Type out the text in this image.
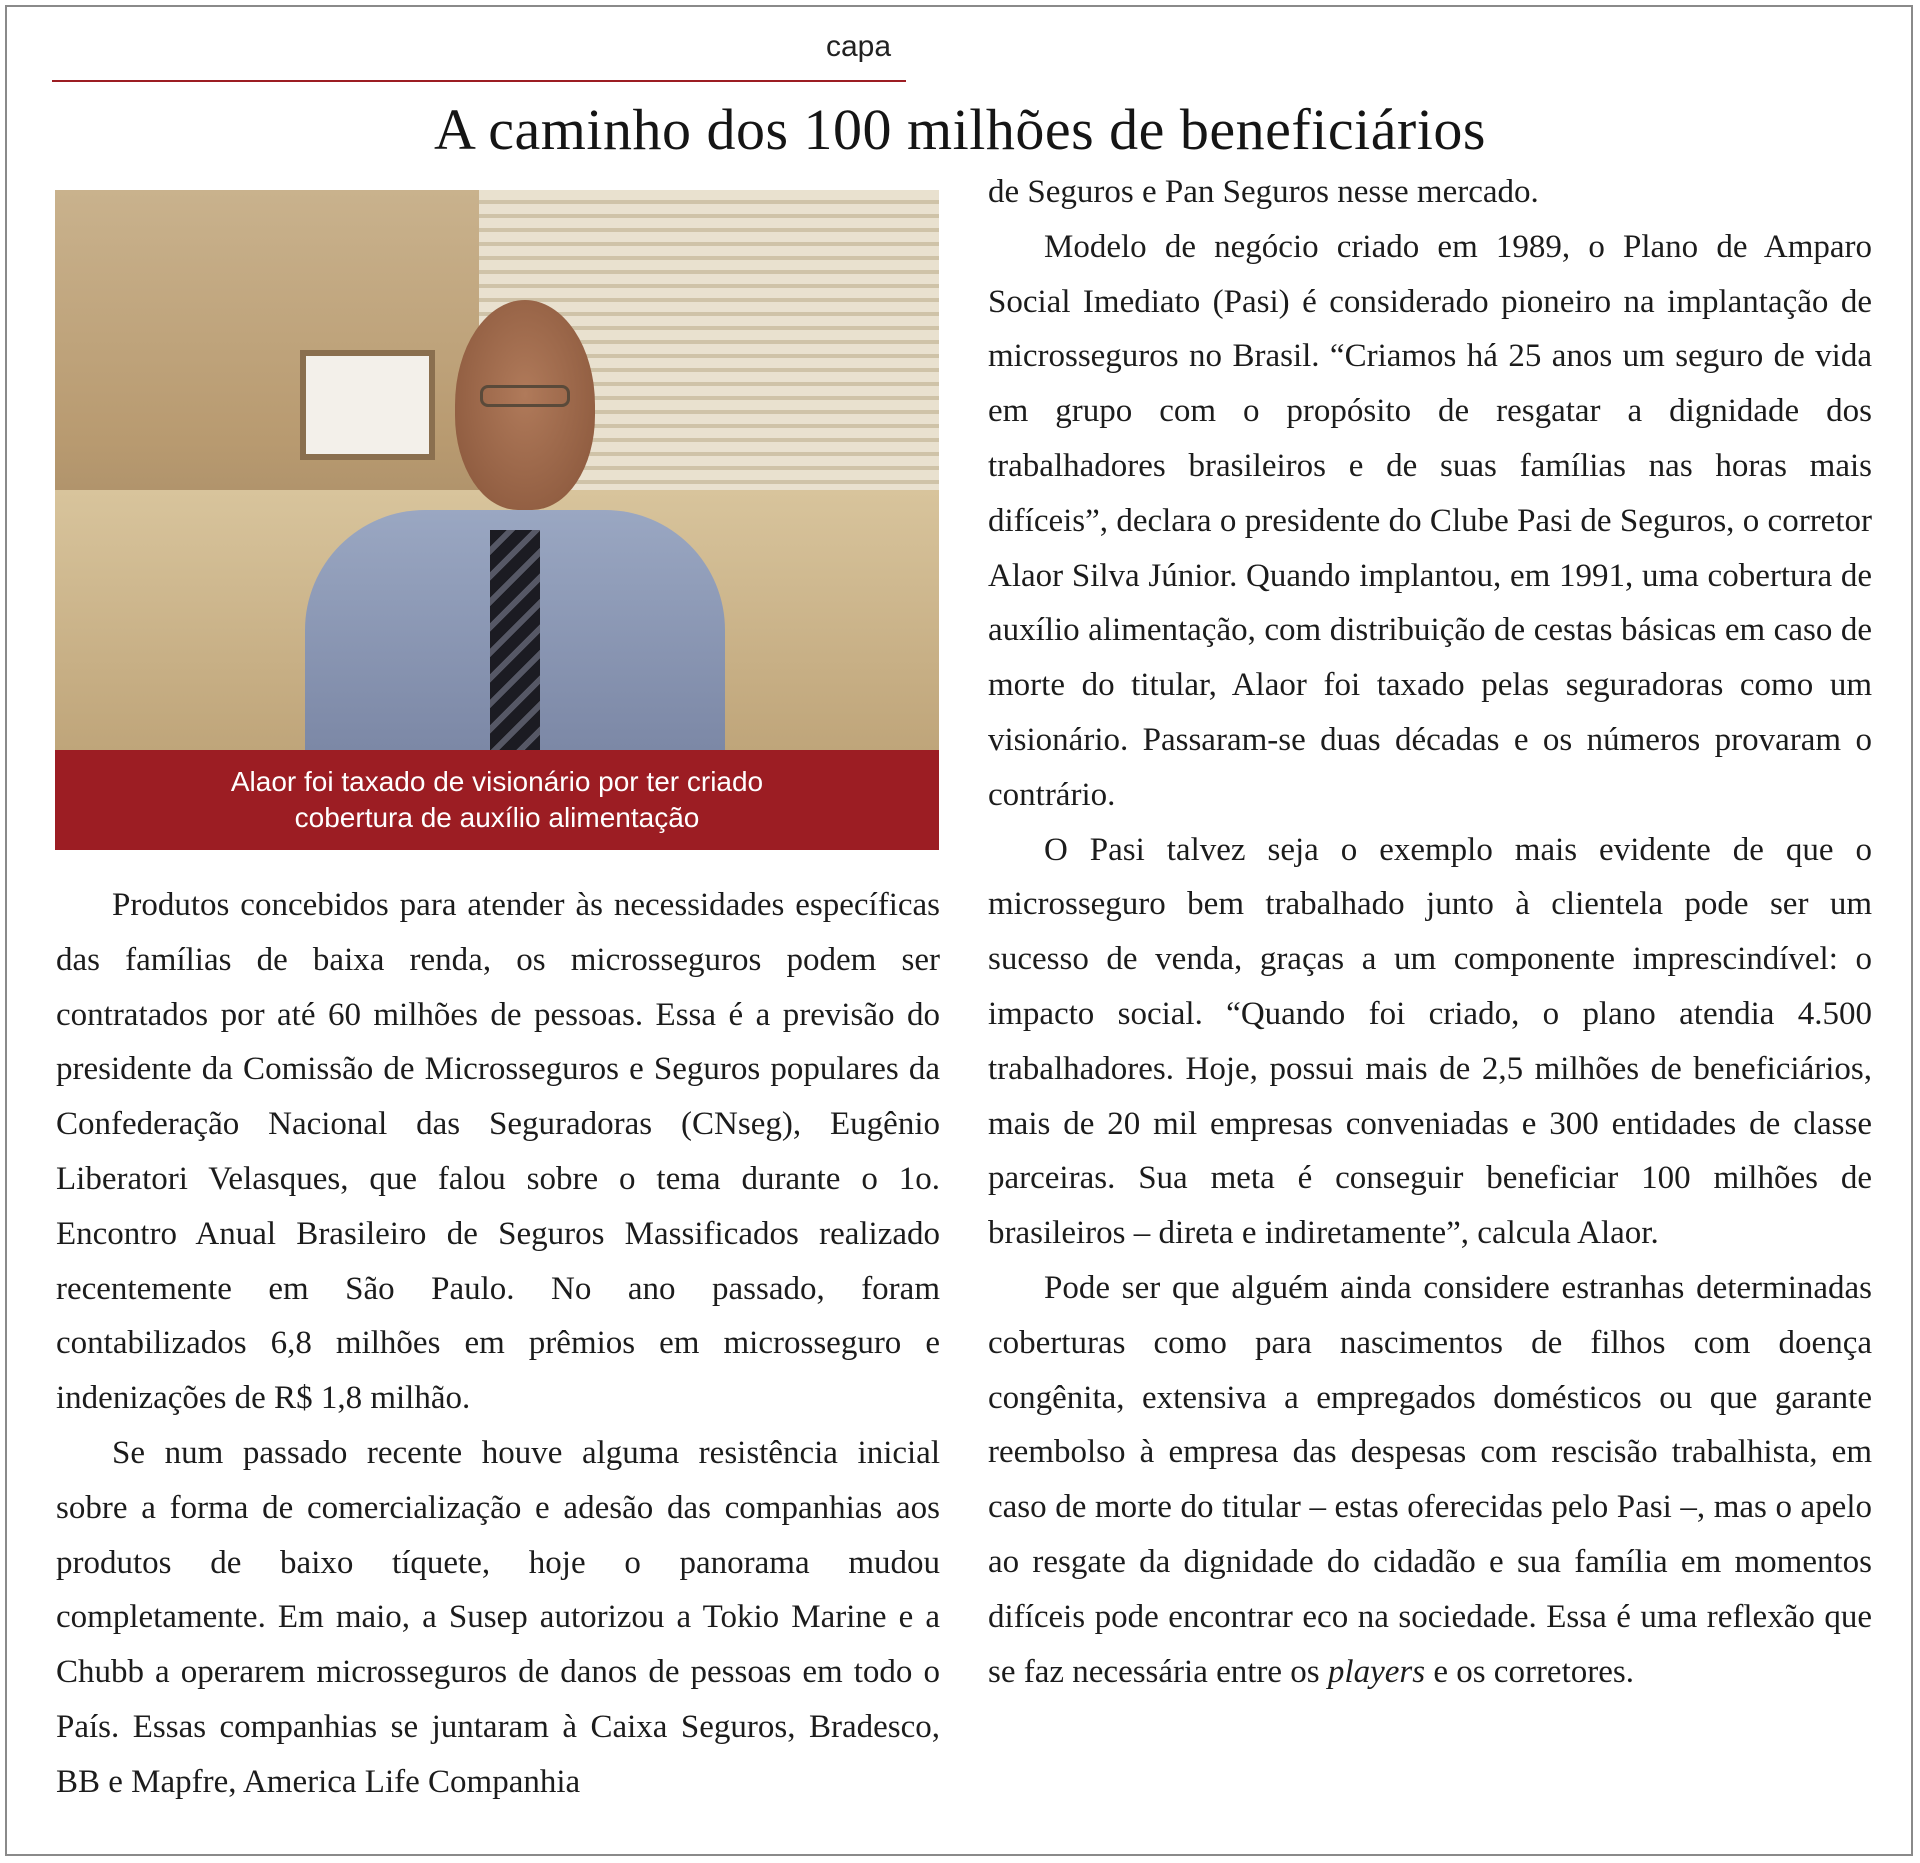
capa
A caminho dos 100 milhões de beneficiários
Alaor foi taxado de visionário por ter criado
cobertura de auxílio alimentação

Produtos concebidos para atender às necessidades específicas das famílias de baixa renda, os microsseguros podem ser contratados por até 60 milhões de pessoas. Essa é a previsão do presidente da Comissão de Microsseguros e Seguros populares da Confederação Nacional das Seguradoras (CNseg), Eugênio Liberatori Velasques, que falou sobre o tema durante o 1o. Encontro Anual Brasileiro de Seguros Massificados realizado recentemente em São Paulo. No ano passado, foram contabilizados 6,8 milhões em prêmios em microsseguro e indenizações de R$ 1,8 milhão.

Se num passado recente houve alguma resistência inicial sobre a forma de comercialização e adesão das companhias aos produtos de baixo tíquete, hoje o panorama mudou completamente. Em maio, a Susep autorizou a Tokio Marine e a Chubb a operarem microsseguros de danos de pessoas em todo o País. Essas companhias se juntaram à Caixa Seguros, Bradesco, BB e Mapfre, America Life Companhia

de Seguros e Pan Seguros nesse mercado.

Modelo de negócio criado em 1989, o Plano de Amparo Social Imediato (Pasi) é considerado pioneiro na implantação de microsseguros no Brasil. “Criamos há 25 anos um seguro de vida em grupo com o propósito de resgatar a dignidade dos trabalhadores brasileiros e de suas famílias nas horas mais difíceis”, declara o presidente do Clube Pasi de Seguros, o corretor Alaor Silva Júnior. Quando implantou, em 1991, uma cobertura de auxílio alimentação, com distribuição de cestas básicas em caso de morte do titular, Alaor foi taxado pelas seguradoras como um visionário. Passaram-se duas décadas e os números provaram o contrário.

O Pasi talvez seja o exemplo mais evidente de que o microsseguro bem trabalhado junto à clientela pode ser um sucesso de venda, graças a um componente imprescindível: o impacto social. “Quando foi criado, o plano atendia 4.500 trabalhadores. Hoje, possui mais de 2,5 milhões de beneficiários, mais de 20 mil empresas conveniadas e 300 entidades de classe parceiras. Sua meta é conseguir beneficiar 100 milhões de brasileiros – direta e indiretamente”, calcula Alaor.

Pode ser que alguém ainda considere estranhas determinadas coberturas como para nascimentos de filhos com doença congênita, extensiva a empregados domésticos ou que garante reembolso à empresa das despesas com rescisão trabalhista, em caso de morte do titular – estas oferecidas pelo Pasi –, mas o apelo ao resgate da dignidade do cidadão e sua família em momentos difíceis pode encontrar eco na sociedade. Essa é uma reflexão que se faz necessária entre os players e os corretores.
